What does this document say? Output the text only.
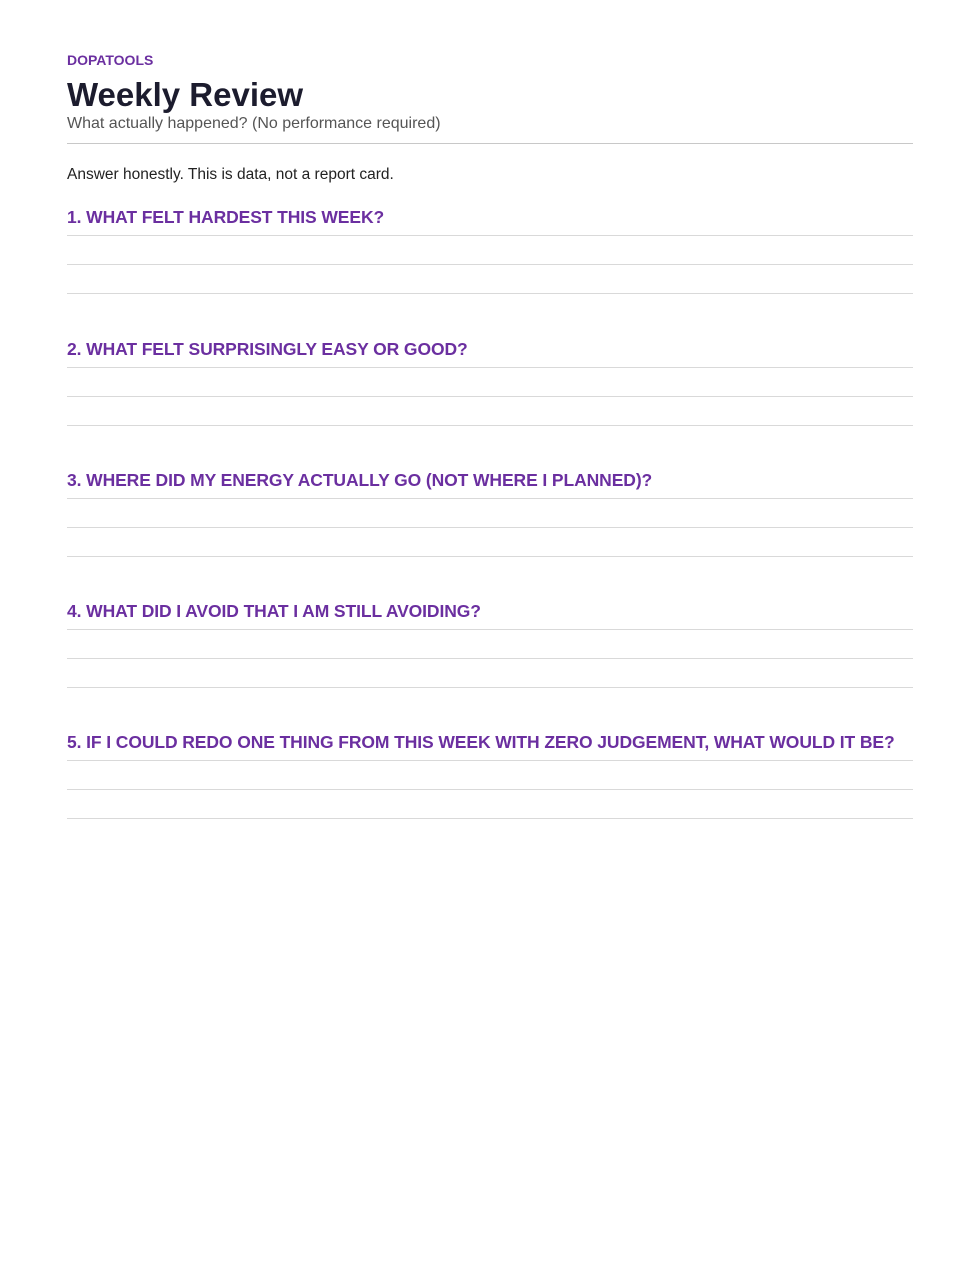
DOPATOOLS
Weekly Review
What actually happened? (No performance required)
Answer honestly. This is data, not a report card.
1. WHAT FELT HARDEST THIS WEEK?
2. WHAT FELT SURPRISINGLY EASY OR GOOD?
3. WHERE DID MY ENERGY ACTUALLY GO (NOT WHERE I PLANNED)?
4. WHAT DID I AVOID THAT I AM STILL AVOIDING?
5. IF I COULD REDO ONE THING FROM THIS WEEK WITH ZERO JUDGEMENT, WHAT WOULD IT BE?
